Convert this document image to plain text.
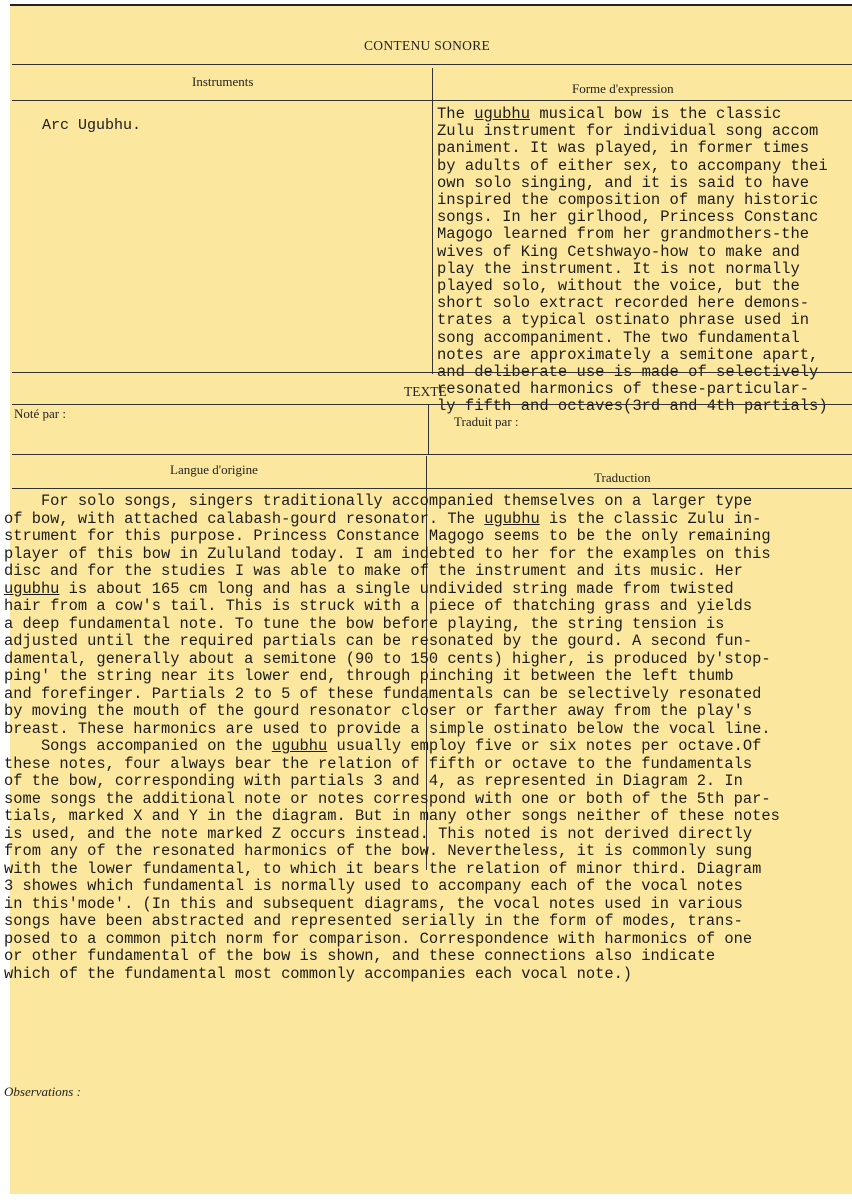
CONTENU SONORE
Instruments	Forme d'expression
Arc Ugubhu.
The ugubhu musical bow is the classic
Zulu instrument for individual song accom
paniment. It was played, in former times
by adults of either sex, to accompany thei
own solo singing, and it is said to have
inspired the composition of many historic
songs. In her girlhood, Princess Constanc
Magogo learned from her grandmothers-the
wives of King Cetshwayo-how to make and
play the instrument. It is not normally
played solo, without the voice, but the
short solo extract recorded here demons-
trates a typical ostinato phrase used in
song accompaniment. The two fundamental
notes are approximately a semitone apart,
and deliberate use is made of selectively
resonated harmonics of these-particular-
ly fifth and octaves(3rd and 4th partials)
TEXTE
Noté par :
Traduit par :
Langue d'origine
Traduction
For solo songs, singers traditionally accompanied themselves on a larger type
of bow, with attached calabash-gourd resonator. The ugubhu is the classic Zulu in-
strument for this purpose. Princess Constance Magogo seems to be the only remaining
player of this bow in Zululand today. I am indebted to her for the examples on this
disc and for the studies I was able to make of the instrument and its music. Her
ugubhu is about 165 cm long and has a single undivided string made from twisted
hair from a cow's tail. This is struck with a piece of thatching grass and yields
a deep fundamental note. To tune the bow before playing, the string tension is
adjusted until the required partials can be resonated by the gourd. A second fun-
damental, generally about a semitone (90 to 150 cents) higher, is produced by'stop-
ping' the string near its lower end, through pinching it between the left thumb
and forefinger. Partials 2 to 5 of these fundamentals can be selectively resonated
by moving the mouth of the gourd resonator closer or farther away from the play's
breast. These harmonics are used to provide a simple ostinato below the vocal line.
Songs accompanied on the ugubhu usually employ five or six notes per octave.Of
these notes, four always bear the relation of fifth or octave to the fundamentals
of the bow, corresponding with partials 3 and 4, as represented in Diagram 2. In
some songs the additional note or notes correspond with one or both of the 5th par-
tials, marked X and Y in the diagram. But in many other songs neither of these notes
is used, and the note marked Z occurs instead. This noted is not derived directly
from any of the resonated harmonics of the bow. Nevertheless, it is commonly sung
with the lower fundamental, to which it bears the relation of minor third. Diagram
3 showes which fundamental is normally used to accompany each of the vocal notes
in this'mode'. (In this and subsequent diagrams, the vocal notes used in various
songs have been abstracted and represented serially in the form of modes, trans-
posed to a common pitch norm for comparison. Correspondence with harmonics of one
or other fundamental of the bow is shown, and these connections also indicate
which of the fundamental most commonly accompanies each vocal note.)
Observations :
